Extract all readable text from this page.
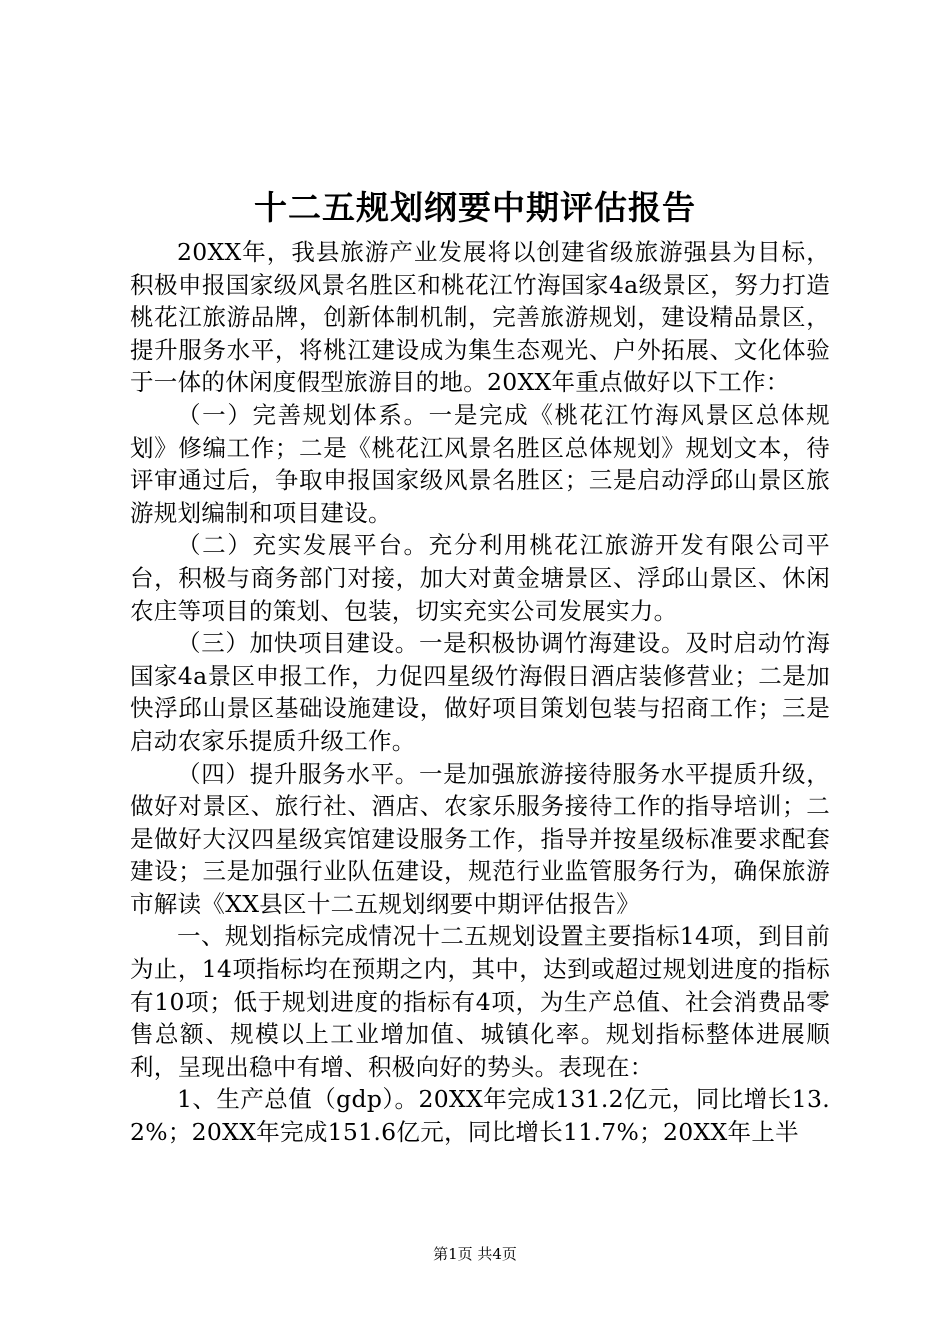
十二五规划纲要中期评估报告

20XX年，我县旅游产业发展将以创建省级旅游强县为目标，积极申报国家级风景名胜区和桃花江竹海国家4a级景区，努力打造桃花江旅游品牌，创新体制机制，完善旅游规划，建设精品景区，提升服务水平，将桃江建设成为集生态观光、户外拓展、文化体验于一体的休闲度假型旅游目的地。20XX年重点做好以下工作：

（一）完善规划体系。一是完成《桃花江竹海风景区总体规划》修编工作；二是《桃花江风景名胜区总体规划》规划文本，待评审通过后，争取申报国家级风景名胜区；三是启动浮邱山景区旅游规划编制和项目建设。

（二）充实发展平台。充分利用桃花江旅游开发有限公司平台，积极与商务部门对接，加大对黄金塘景区、浮邱山景区、休闲农庄等项目的策划、包装，切实充实公司发展实力。

（三）加快项目建设。一是积极协调竹海建设。及时启动竹海国家4a景区申报工作，力促四星级竹海假日酒店装修营业；二是加快浮邱山景区基础设施建设，做好项目策划包装与招商工作；三是启动农家乐提质升级工作。

（四）提升服务水平。一是加强旅游接待服务水平提质升级，做好对景区、旅行社、酒店、农家乐服务接待工作的指导培训；二是做好大汉四星级宾馆建设服务工作，指导并按星级标准要求配套建设；三是加强行业队伍建设，规范行业监管服务行为，确保旅游市解读《XX县区十二五规划纲要中期评估报告》

一、规划指标完成情况十二五规划设置主要指标14项，到目前为止，14项指标均在预期之内，其中，达到或超过规划进度的指标有10项；低于规划进度的指标有4项，为生产总值、社会消费品零售总额、规模以上工业增加值、城镇化率。规划指标整体进展顺利，呈现出稳中有增、积极向好的势头。表现在：

1、生产总值（gdp）。20XX年完成131.2亿元，同比增长13.2%；20XX年完成151.6亿元，同比增长11.7%；20XX年上半

第1页 共4页
